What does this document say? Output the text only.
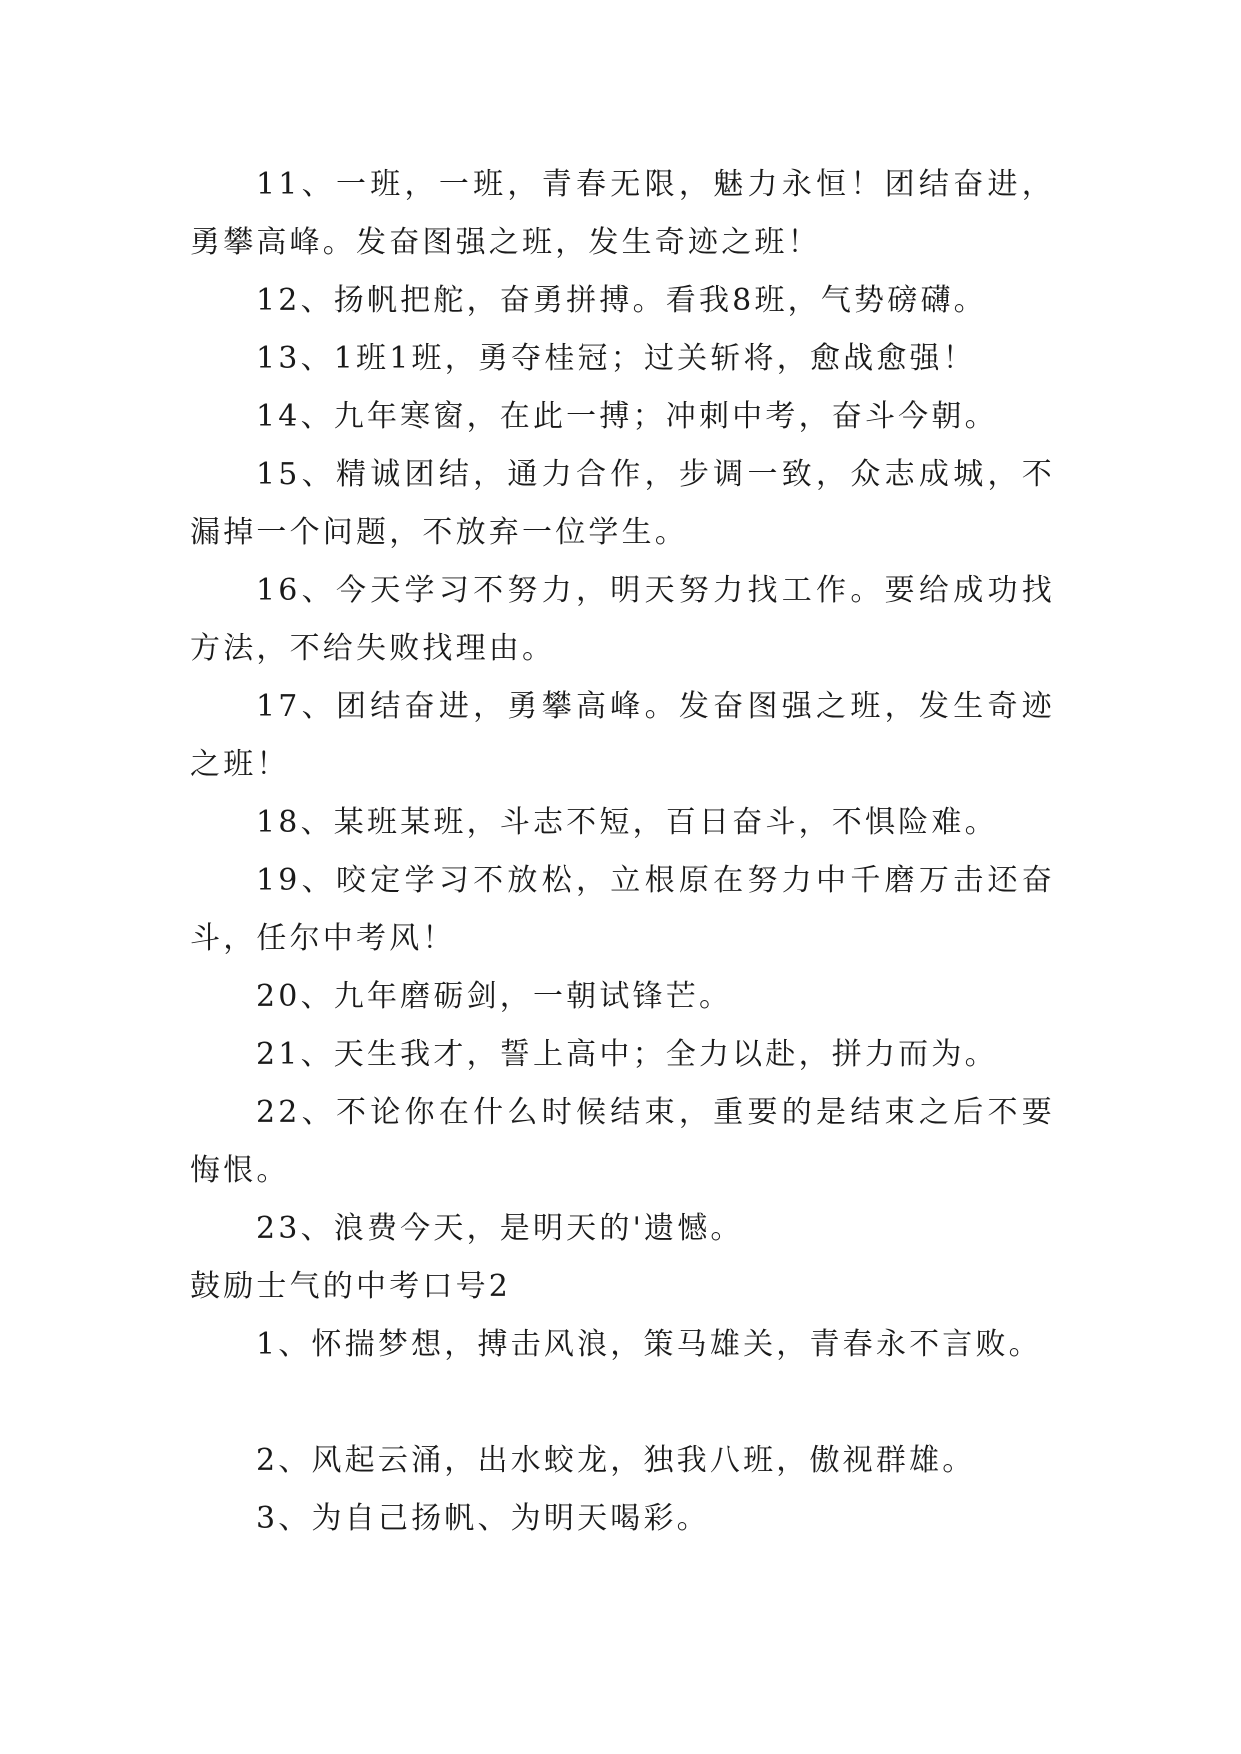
11、一班，一班，青春无限，魅力永恒！团结奋进，勇攀高峰。发奋图强之班，发生奇迹之班！

12、扬帆把舵，奋勇拼搏。看我8班，气势磅礴。

13、1班1班，勇夺桂冠；过关斩将，愈战愈强！

14、九年寒窗，在此一搏；冲刺中考，奋斗今朝。

15、精诚团结，通力合作，步调一致，众志成城，不漏掉一个问题，不放弃一位学生。

16、今天学习不努力，明天努力找工作。要给成功找方法，不给失败找理由。

17、团结奋进，勇攀高峰。发奋图强之班，发生奇迹之班！

18、某班某班，斗志不短，百日奋斗，不惧险难。

19、咬定学习不放松，立根原在努力中千磨万击还奋斗，任尔中考风！

20、九年磨砺剑，一朝试锋芒。

21、天生我才，誓上高中；全力以赴，拼力而为。

22、不论你在什么时候结束，重要的是结束之后不要悔恨。

23、浪费今天，是明天的'遗憾。

鼓励士气的中考口号2

1、怀揣梦想，搏击风浪，策马雄关，青春永不言败。

2、风起云涌，出水蛟龙，独我八班，傲视群雄。

3、为自己扬帆、为明天喝彩。
